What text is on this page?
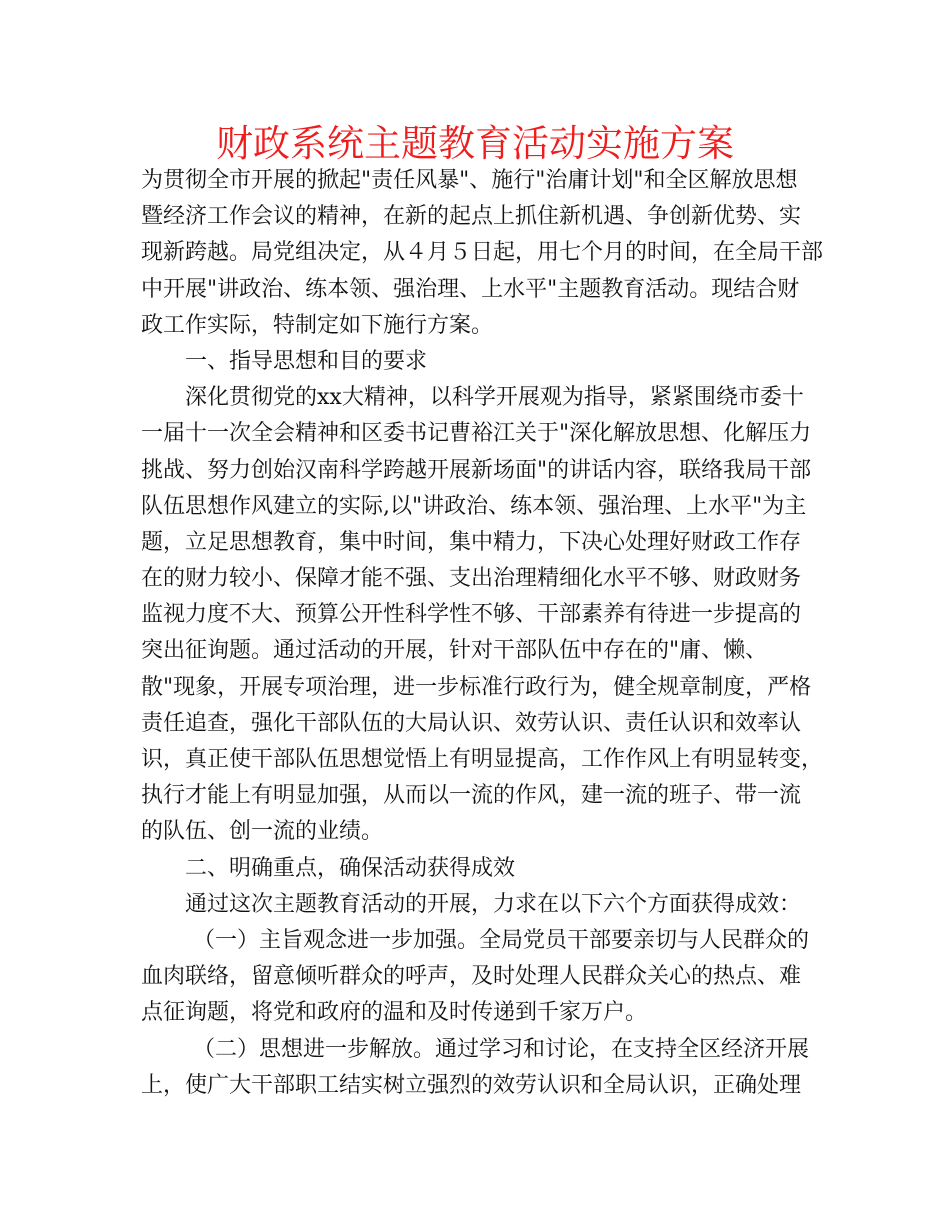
财政系统主题教育活动实施方案
为贯彻全市开展的掀起"责任风暴"、施行"治庸计划"和全区解放思想
暨经济工作会议的精神，在新的起点上抓住新机遇、争创新优势、实
现新跨越。局党组决定，从４月５日起，用七个月的时间，在全局干部
中开展"讲政治、练本领、强治理、上水平"主题教育活动。现结合财
政工作实际，特制定如下施行方案。
一、指导思想和目的要求
深化贯彻党的xx大精神，以科学开展观为指导，紧紧围绕市委十
一届十一次全会精神和区委书记曹裕江关于"深化解放思想、化解压力
挑战、努力创始汉南科学跨越开展新场面"的讲话内容，联络我局干部
队伍思想作风建立的实际,以"讲政治、练本领、强治理、上水平"为主
题，立足思想教育，集中时间，集中精力，下决心处理好财政工作存
在的财力较小、保障才能不强、支出治理精细化水平不够、财政财务
监视力度不大、预算公开性科学性不够、干部素养有待进一步提高的
突出征询题。通过活动的开展，针对干部队伍中存在的"庸、懒、
散"现象，开展专项治理，进一步标准行政行为，健全规章制度，严格
责任追查，强化干部队伍的大局认识、效劳认识、责任认识和效率认
识，真正使干部队伍思想觉悟上有明显提高，工作作风上有明显转变，
执行才能上有明显加强，从而以一流的作风，建一流的班子、带一流
的队伍、创一流的业绩。
二、明确重点，确保活动获得成效
通过这次主题教育活动的开展，力求在以下六个方面获得成效：
（一）主旨观念进一步加强。全局党员干部要亲切与人民群众的
血肉联络，留意倾听群众的呼声，及时处理人民群众关心的热点、难
点征询题，将党和政府的温和及时传递到千家万户。
（二）思想进一步解放。通过学习和讨论，在支持全区经济开展
上，使广大干部职工结实树立强烈的效劳认识和全局认识，正确处理
